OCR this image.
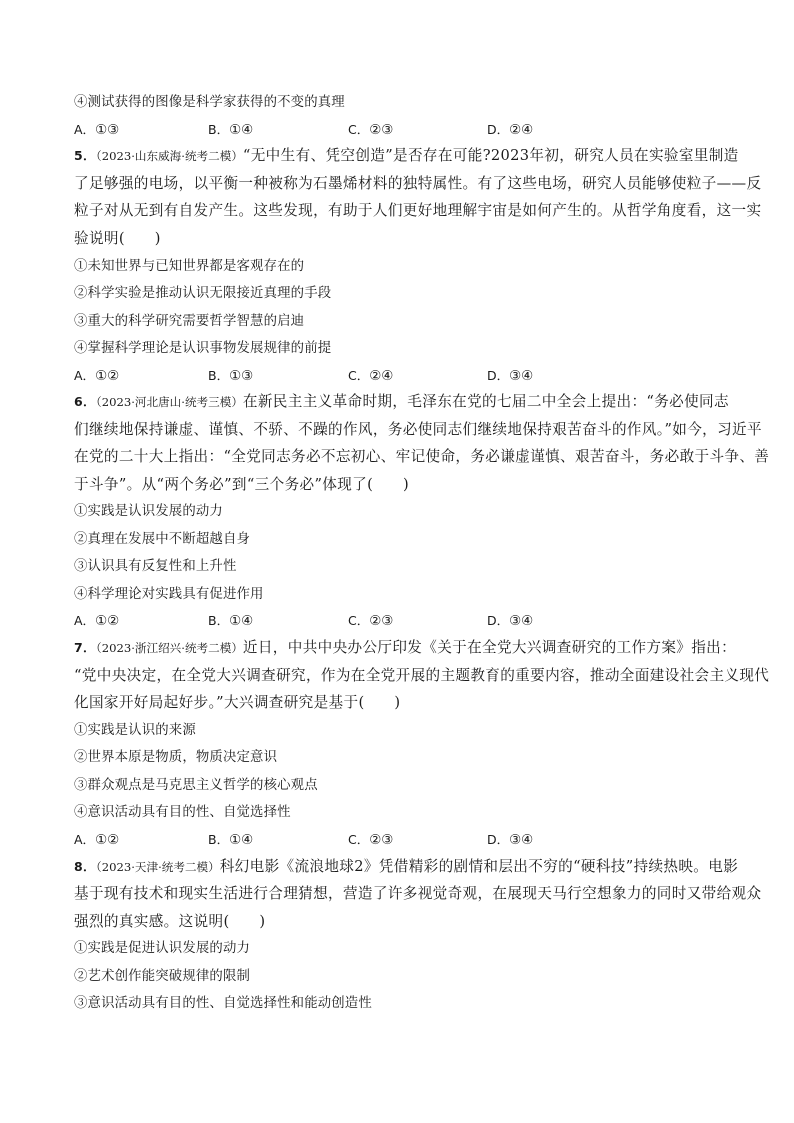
④测试获得的图像是科学家获得的不变的真理
A．①③	B．①④	C．②③	D．②④
5．（2023·山东威海·统考二模）“无中生有、凭空创造”是否存在可能?2023年初，研究人员在实验室里制造
了足够强的电场，以平衡一种被称为石墨烯材料的独特属性。有了这些电场，研究人员能够使粒子——反
粒子对从无到有自发产生。这些发现，有助于人们更好地理解宇宙是如何产生的。从哲学角度看，这一实
验说明(　　)
①未知世界与已知世界都是客观存在的
②科学实验是推动认识无限接近真理的手段
③重大的科学研究需要哲学智慧的启迪
④掌握科学理论是认识事物发展规律的前提
A．①②	B．①③	C．②④	D．③④
6．（2023·河北唐山·统考三模）在新民主主义革命时期，毛泽东在党的七届二中全会上提出：“务必使同志
们继续地保持谦虚、谨慎、不骄、不躁的作风，务必使同志们继续地保持艰苦奋斗的作风。”如今，习近平
在党的二十大上指出：“全党同志务必不忘初心、牢记使命，务必谦虚谨慎、艰苦奋斗，务必敢于斗争、善
于斗争”。从“两个务必”到“三个务必”体现了(　　)
①实践是认识发展的动力
②真理在发展中不断超越自身
③认识具有反复性和上升性
④科学理论对实践具有促进作用
A．①②	B．①④	C．②③	D．③④
7．（2023·浙江绍兴·统考二模）近日，中共中央办公厅印发《关于在全党大兴调查研究的工作方案》指出：
“党中央决定，在全党大兴调查研究，作为在全党开展的主题教育的重要内容，推动全面建设社会主义现代
化国家开好局起好步。”大兴调查研究是基于(　　)
①实践是认识的来源
②世界本原是物质，物质决定意识
③群众观点是马克思主义哲学的核心观点
④意识活动具有目的性、自觉选择性
A．①②	B．①④	C．②③	D．③④
8．（2023·天津·统考二模）科幻电影《流浪地球2》凭借精彩的剧情和层出不穷的“硬科技”持续热映。电影
基于现有技术和现实生活进行合理猜想，营造了许多视觉奇观，在展现天马行空想象力的同时又带给观众
强烈的真实感。这说明(　　)
①实践是促进认识发展的动力
②艺术创作能突破规律的限制
③意识活动具有目的性、自觉选择性和能动创造性
